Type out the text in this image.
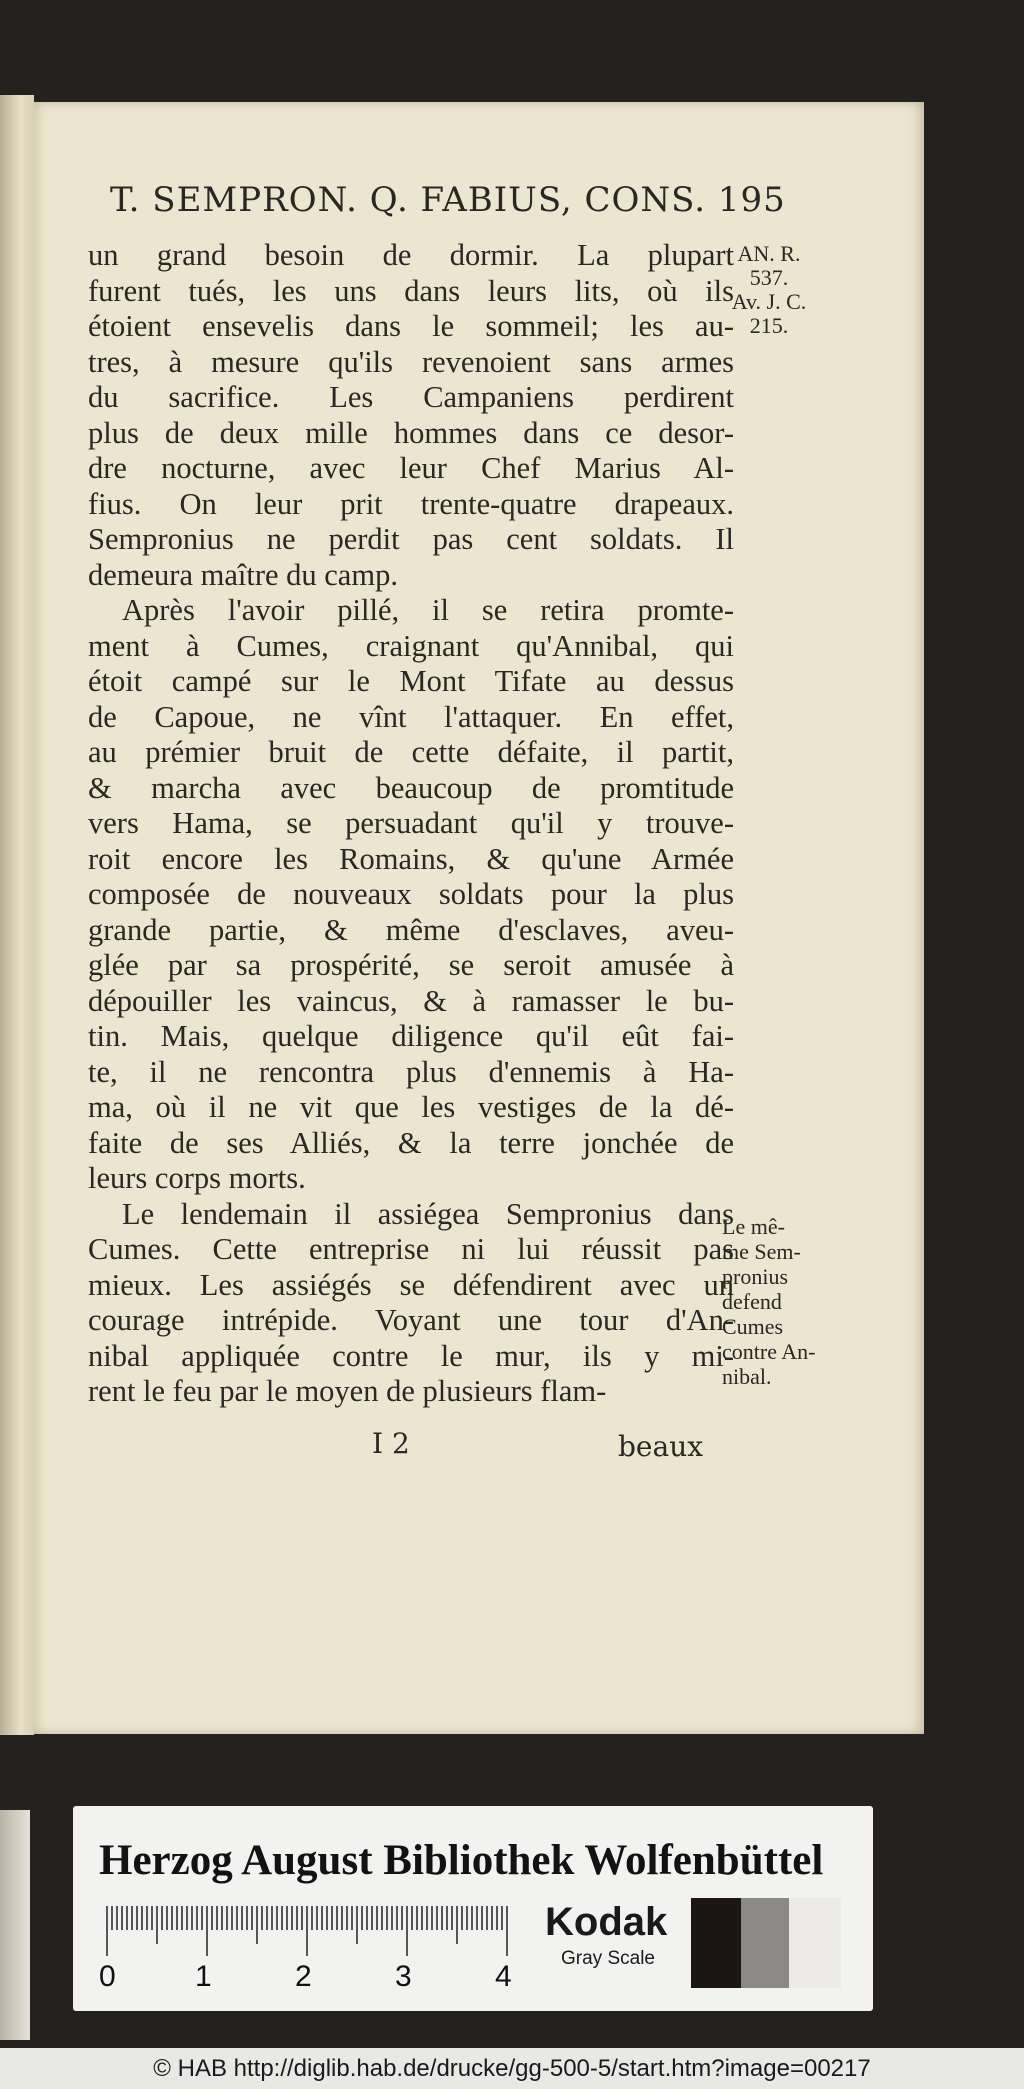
T. SEMPRON. Q. FABIUS, CONS. 195
AN. R.
537.
Av. J. C.
215.
un grand besoin de dormir. La plupart
furent tués, les uns dans leurs lits, où ils
étoient ensevelis dans le sommeil; les au-
tres, à mesure qu'ils revenoient sans armes
du sacrifice. Les Campaniens perdirent
plus de deux mille hommes dans ce desor-
dre nocturne, avec leur Chef Marius Al-
fius. On leur prit trente-quatre drapeaux.
Sempronius ne perdit pas cent soldats. Il
demeura maître du camp.
Après l'avoir pillé, il se retira promte-
ment à Cumes, craignant qu'Annibal, qui
étoit campé sur le Mont Tifate au dessus
de Capoue, ne vînt l'attaquer. En effet,
au prémier bruit de cette défaite, il partit,
& marcha avec beaucoup de promtitude
vers Hama, se persuadant qu'il y trouve-
roit encore les Romains, & qu'une Armée
composée de nouveaux soldats pour la plus
grande partie, & même d'esclaves, aveu-
glée par sa prospérité, se seroit amusée à
dépouiller les vaincus, & à ramasser le bu-
tin. Mais, quelque diligence qu'il eût fai-
te, il ne rencontra plus d'ennemis à Ha-
ma, où il ne vit que les vestiges de la dé-
faite de ses Alliés, & la terre jonchée de
leurs corps morts.
Le lendemain il assiégea Sempronius dans
Cumes. Cette entreprise ni lui réussit pas
mieux. Les assiégés se défendirent avec un
courage intrépide. Voyant une tour d'An-
nibal appliquée contre le mur, ils y mi-
rent le feu par le moyen de plusieurs flam-
Le mê-
me Sem-
pronius
defend
Cumes
contre An-
nibal.
I 2	beaux
Herzog August Bibliothek Wolfenbüttel
0	1	2	3	4
Kodak
Gray Scale
© HAB http://diglib.hab.de/drucke/gg-500-5/start.htm?image=00217
